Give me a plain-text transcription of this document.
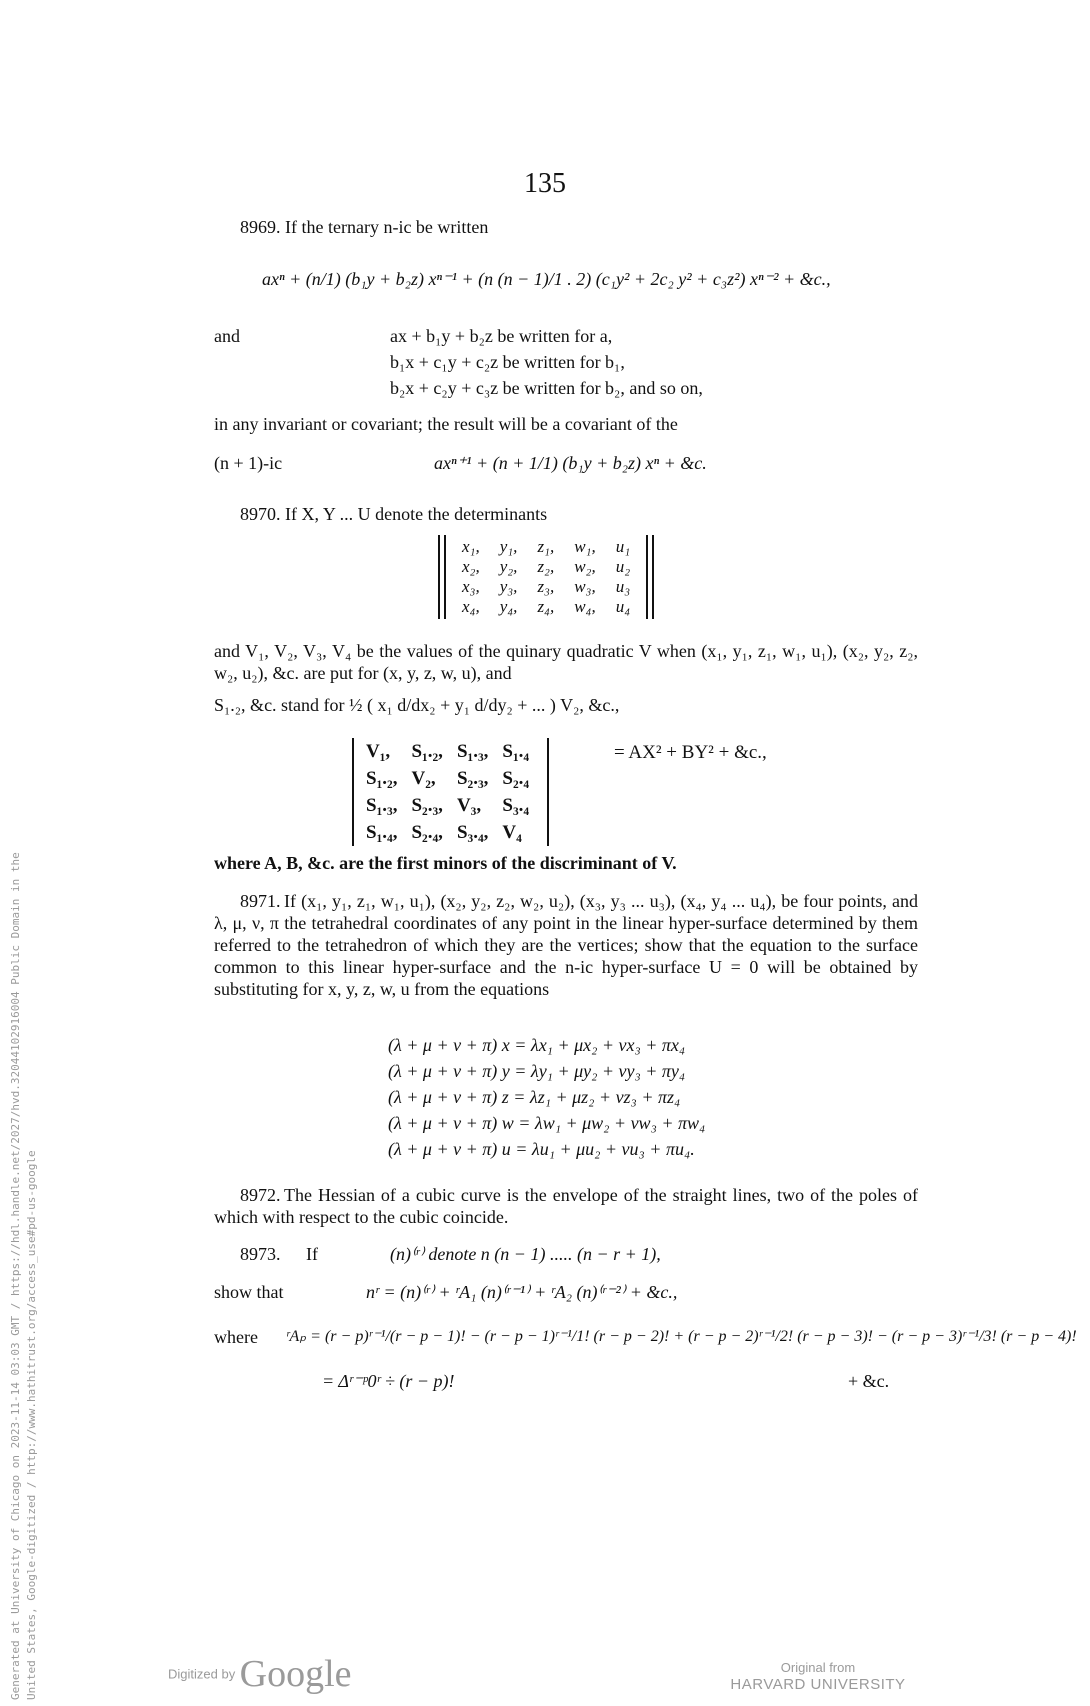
135
8969. If the ternary n-ic be written
axⁿ + (n/1) (b₁y + b₂z) xⁿ⁻¹ + (n (n − 1)/1 . 2) (c₁y² + 2c₂ y² + c₃z²) xⁿ⁻² + &c.,
and	ax + b₁y + b₂z be written for a,
b₁x + c₁y + c₂z be written for b₁,
b₂x + c₂y + c₃z be written for b₂, and so on,
in any invariant or covariant; the result will be a covariant of the
(n + 1)-ic	axⁿ⁺¹ + (n + 1/1) (b₁y + b₂z) xⁿ + &c.
8970. If X, Y ... U denote the determinants
x₁,	y₁,	z₁,	w₁,	u₁
x₂,	y₂,	z₂,	w₂,	u₂
x₃,	y₃,	z₃,	w₃,	u₃
x₄,	y₄,	z₄,	w₄,	u₄
and V₁, V₂, V₃, V₄ be the values of the quinary quadratic V when (x₁, y₁, z₁, w₁, u₁), (x₂, y₂, z₂, w₂, u₂), &c. are put for (x, y, z, w, u), and
S₁.₂, &c. stand for ½ ( x₁ d/dx₂ + y₁ d/dy₂ + ... ) V₂, &c.,
V₁,	S₁.₂,	S₁.₃,	S₁.₄
S₁.₂,	V₂,	S₂.₃,	S₂.₄
S₁.₃,	S₂.₃,	V₃,	S₃.₄
S₁.₄,	S₂.₄,	S₃.₄,	V₄
= AX² + BY² + &c.,
where A, B, &c. are the first minors of the discriminant of V.
8971. If (x₁, y₁, z₁, w₁, u₁), (x₂, y₂, z₂, w₂, u₂), (x₃, y₃ ... u₃), (x₄, y₄ ... u₄), be four points, and λ, μ, ν, π the tetrahedral coordinates of any point in the linear hyper-surface determined by them referred to the tetrahedron of which they are the vertices; show that the equation to the surface common to this linear hyper-surface and the n-ic hyper-surface U = 0 will be obtained by substituting for x, y, z, w, u from the equations
(λ + μ + ν + π) x = λx₁ + μx₂ + νx₃ + πx₄
(λ + μ + ν + π) y = λy₁ + μy₂ + νy₃ + πy₄
(λ + μ + ν + π) z = λz₁ + μz₂ + νz₃ + πz₄
(λ + μ + ν + π) w = λw₁ + μw₂ + νw₃ + πw₄
(λ + μ + ν + π) u = λu₁ + μu₂ + νu₃ + πu₄.
8972. The Hessian of a cubic curve is the envelope of the straight lines, two of the poles of which with respect to the cubic coincide.
8973. If	(n)⁽ʳ⁾ denote n (n − 1) ..... (n − r + 1),
show that	nʳ = (n)⁽ʳ⁾ + ʳA₁ (n)⁽ʳ⁻¹⁾ + ʳA₂ (n)⁽ʳ⁻²⁾ + &c.,
where ʳAₚ = (r − p)ʳ⁻¹/(r − p − 1)! − (r − p − 1)ʳ⁻¹/1! (r − p − 2)! + (r − p − 2)ʳ⁻¹/2! (r − p − 3)! − (r − p − 3)ʳ⁻¹/3! (r − p − 4)!
= Δʳ⁻ᵖ0ʳ ÷ (r − p)!	+ &c.
Generated at University of Chicago on 2023-11-14 03:03 GMT / https://hdl.handle.net/2027/hvd.32044102916004 Public Domain in the United States, Google-digitized / http://www.hathitrust.org/access_use#pd-us-google	Digitized by Google	Original from
HARVARD UNIVERSITY
